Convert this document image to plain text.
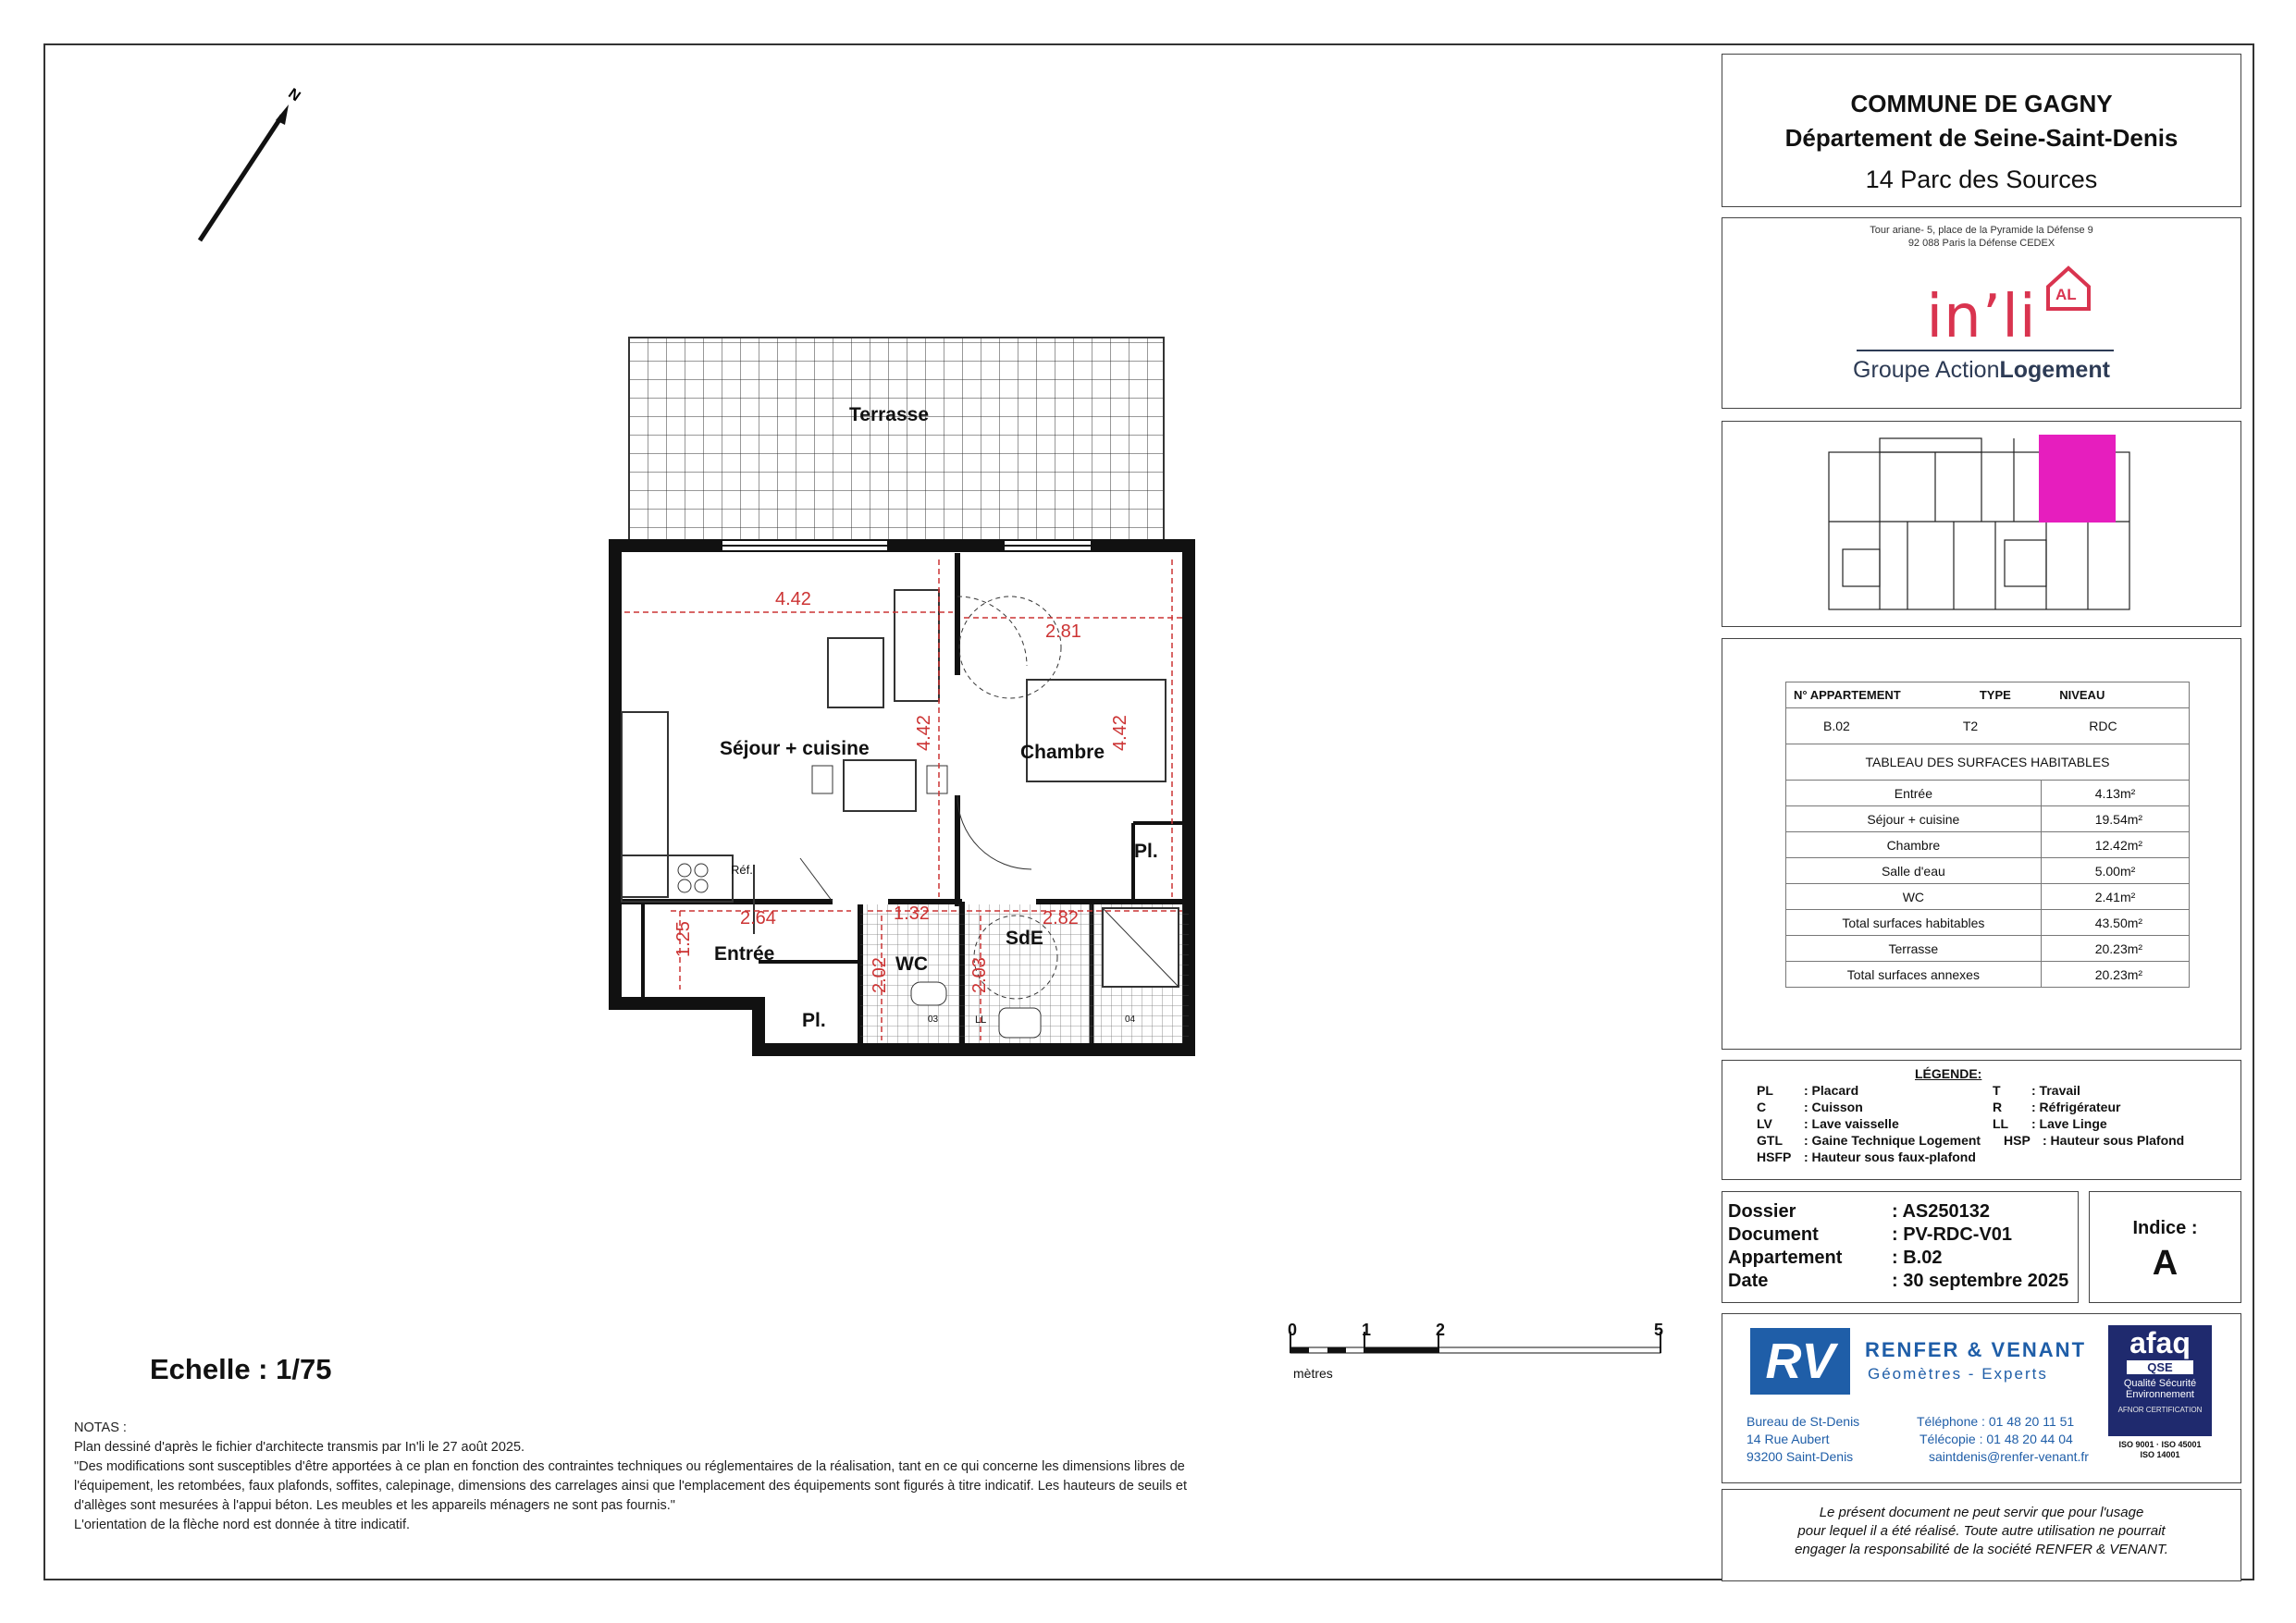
N
Terrasse
Séjour + cuisine	Chambre
Entrée	WC
SdE
Pl.
Pl.
Réf.
LL
03	04
4.42
4.42
2.81
4.42
2.64
1.25
1.32
2.02
2.82
2.03
Echelle : 1/75
0	1	2	5
mètres
NOTAS :
Plan dessiné d'après le fichier d'architecte transmis par In'li le 27 août 2025.
"Des modifications sont susceptibles d'être apportées à ce plan en fonction des contraintes techniques ou réglementaires de la réalisation, tant en ce qui concerne les dimensions libres de l'équipement, les retombées, faux plafonds, soffites, calepinage, dimensions des carrelages ainsi que l'emplacement des équipements sont figurés à titre indicatif. Les hauteurs de seuils et d'allèges sont mesurées à l'appui béton. Les meubles et les appareils ménagers ne sont pas fournis."
L'orientation de la flèche nord est donnée à titre indicatif.
COMMUNE DE GAGNY
Département de Seine-Saint-Denis
14 Parc des Sources
Tour ariane- 5, place de la Pyramide la Défense 9
92 088 Paris la Défense CEDEX
in’li	AL
Groupe ActionLogement
N° APPARTEMENT	TYPE	NIVEAU
B.02	T2	RDC
TABLEAU DES SURFACES HABITABLES		
Entrée		4.13m²
Séjour + cuisine		19.54m²
Chambre		12.42m²
Salle d'eau		5.00m²
WC		2.41m²
Total surfaces habitables		43.50m²
Terrasse		20.23m²
Total surfaces annexes		20.23m²
LÉGENDE:
PL : Placard
C	: Cuisson
LV : Lave vaisselle
GTL : Gaine Technique Logement
HSFP : Hauteur sous faux-plafond
T : Travail
R : Réfrigérateur
LL : Lave Linge
HSP : Hauteur sous Plafond
Dossier	: AS250132
Document	: PV-RDC-V01
Appartement	: B.02
Date	: 30 septembre 2025
Indice :
A
RV	RENFER & VENANT
Géomètres - Experts
Bureau de St-Denis
14 Rue Aubert
93200 Saint-Denis
Téléphone : 01 48 20 11 51
Télécopie : 01 48 20 44 04
saintdenis@renfer-venant.fr
afaq
QSE
Qualité Sécurité
Environnement
AFNOR CERTIFICATION
ISO 9001 · ISO 45001
ISO 14001
Le présent document ne peut servir que pour l'usage
pour lequel il a été réalisé. Toute autre utilisation ne pourrait
engager la responsabilité de la société RENFER & VENANT.
